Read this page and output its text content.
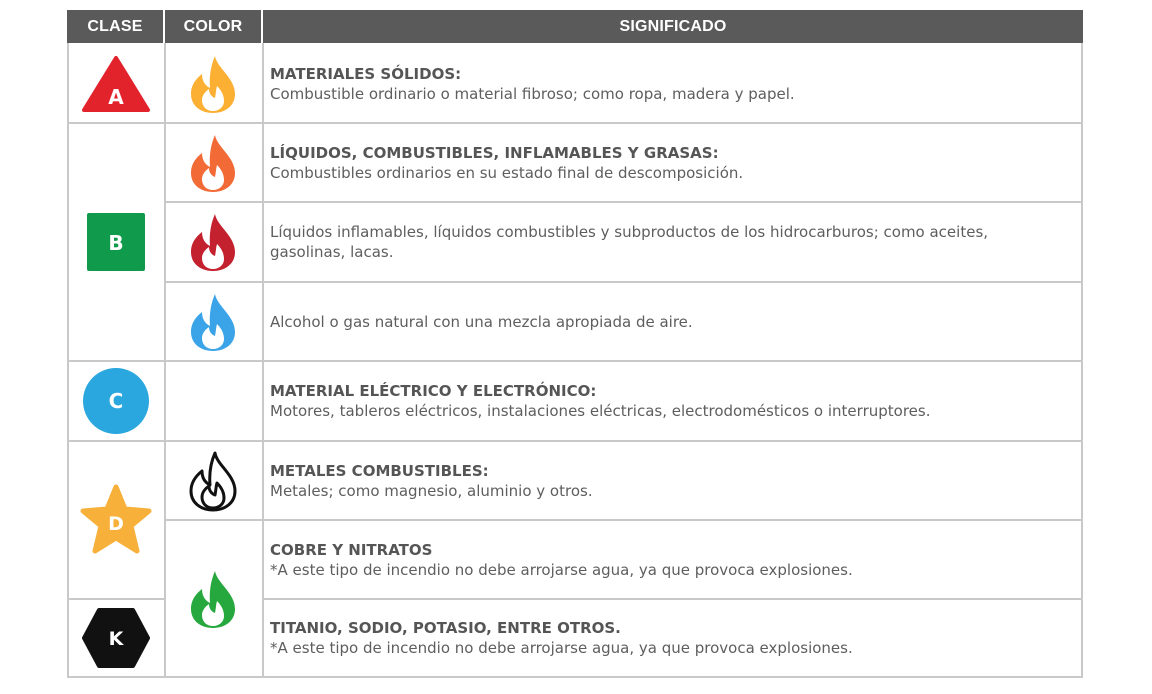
CLASE	COLOR	SIGNIFICADO
A
B
C
D
K
MATERIALES SÓLIDOS:
Combustible ordinario o material fibroso; como ropa, madera y papel.
LÍQUIDOS, COMBUSTIBLES, INFLAMABLES Y GRASAS:
Combustibles ordinarios en su estado final de descomposición.
Líquidos inflamables, líquidos combustibles y subproductos de los hidrocarburos; como aceites, gasolinas, lacas.
Alcohol o gas natural con una mezcla apropiada de aire.
MATERIAL ELÉCTRICO Y ELECTRÓNICO:
Motores, tableros eléctricos, instalaciones eléctricas, electrodomésticos o interruptores.
METALES COMBUSTIBLES:
Metales; como magnesio, aluminio y otros.
COBRE Y NITRATOS
*A este tipo de incendio no debe arrojarse agua, ya que provoca explosiones.
TITANIO, SODIO, POTASIO, ENTRE OTROS.
*A este tipo de incendio no debe arrojarse agua, ya que provoca explosiones.
